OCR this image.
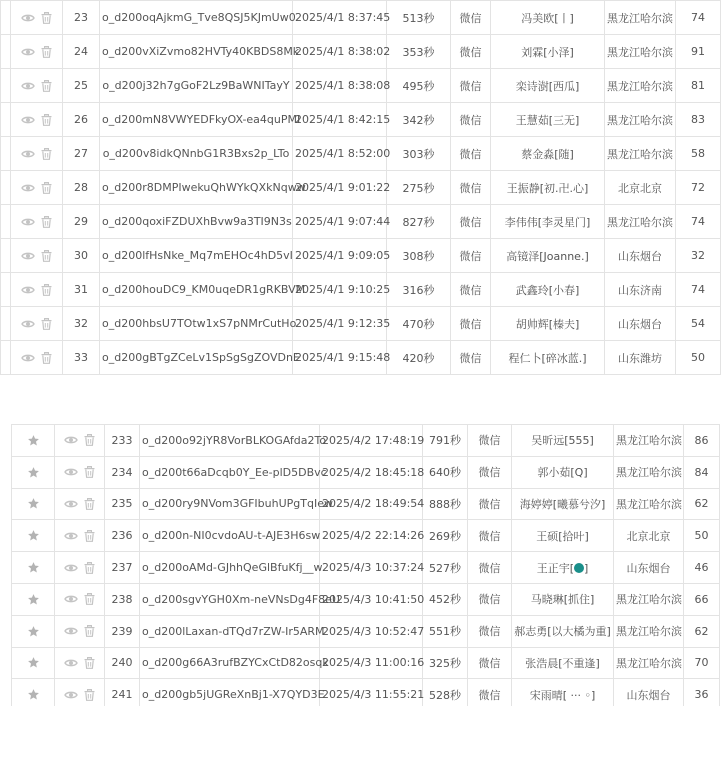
	23	o_d200oqAjkmG_Tve8QSJ5KJmUw0	2025/4/1 8:37:45	513秒	微信	冯美欧[丨]	黑龙江哈尔滨	74

	24	o_d200vXiZvmo82HVTy40KBDS8Mk	2025/4/1 8:38:02	353秒	微信	刘霖[小泽]	黑龙江哈尔滨	91

	25	o_d200j32h7gGoF2Lz9BaWNITayY	2025/4/1 8:38:08	495秒	微信	栾诗澍[西瓜]	黑龙江哈尔滨	81

	26	o_d200mN8VWYEDFkyOX-ea4quPMI	2025/4/1 8:42:15	342秒	微信	王慧茹[三无]	黑龙江哈尔滨	83

	27	o_d200v8idkQNnbG1R3Bxs2p_LTo	2025/4/1 8:52:00	303秒	微信	蔡金淼[随]	黑龙江哈尔滨	58

	28	o_d200r8DMPIwekuQhWYkQXkNqww	2025/4/1 9:01:22	275秒	微信	王振静[初.卍.心]	北京北京	72

	29	o_d200qoxiFZDUXhBvw9a3TI9N3s	2025/4/1 9:07:44	827秒	微信	李伟伟[李灵星门]	黑龙江哈尔滨	74

	30	o_d200lfHsNke_Mq7mEHOc4hD5vI	2025/4/1 9:09:05	308秒	微信	高镜泽[Joanne.]	山东烟台	32

	31	o_d200houDC9_KM0uqeDR1gRKBVM	2025/4/1 9:10:25	316秒	微信	武鑫玲[小春]	山东济南	74

	32	o_d200hbsU7TOtw1xS7pNMrCutHo	2025/4/1 9:12:35	470秒	微信	胡帅辉[榛夫]	山东烟台	54

	33	o_d200gBTgZCeLv1SpSgSgZOVDnE	2025/4/1 9:15:48	420秒	微信	程仁卜[碎冰蓝.]	山东潍坊	50

	233	o_d200o92jYR8VorBLKOGAfda2To	2025/4/2 17:48:19	791秒	微信	吴昕远[555]	黑龙江哈尔滨	86

	234	o_d200t66aDcqb0Y_Ee-plD5DBvc	2025/4/2 18:45:18	640秒	微信	郭小茹[Q]	黑龙江哈尔滨	84

	235	o_d200ry9NVom3GFIbuhUPgTqIew	2025/4/2 18:49:54	888秒	微信	海婷婷[曦慕兮汐]	黑龙江哈尔滨	62

	236	o_d200n-NI0cvdoAU-t-AJE3H6sw	2025/4/2 22:14:26	269秒	微信	王硕[拾叶]	北京北京	50

	237	o_d200oAMd-GJhhQeGlBfuKfj__w	2025/4/3 10:37:24	527秒	微信	王正宇[ ]	山东烟台	46

	238	o_d200sgvYGH0Xm-neVNsDg4F8eU	2025/4/3 10:41:50	452秒	微信	马晓琳[抓住]	黑龙江哈尔滨	66

	239	o_d200lLaxan-dTQd7rZW-Ir5ARM	2025/4/3 10:52:47	551秒	微信	郝志勇[以大橘为重]	黑龙江哈尔滨	62

	240	o_d200g66A3rufBZYCxCtD82osqk	2025/4/3 11:00:16	325秒	微信	张浩晨[不重逢]	黑龙江哈尔滨	70

	241	o_d200gb5jUGReXnBj1-X7QYD3E	2025/4/3 11:55:21	528秒	微信	宋雨晴[ ··· ◦]	山东烟台	36
